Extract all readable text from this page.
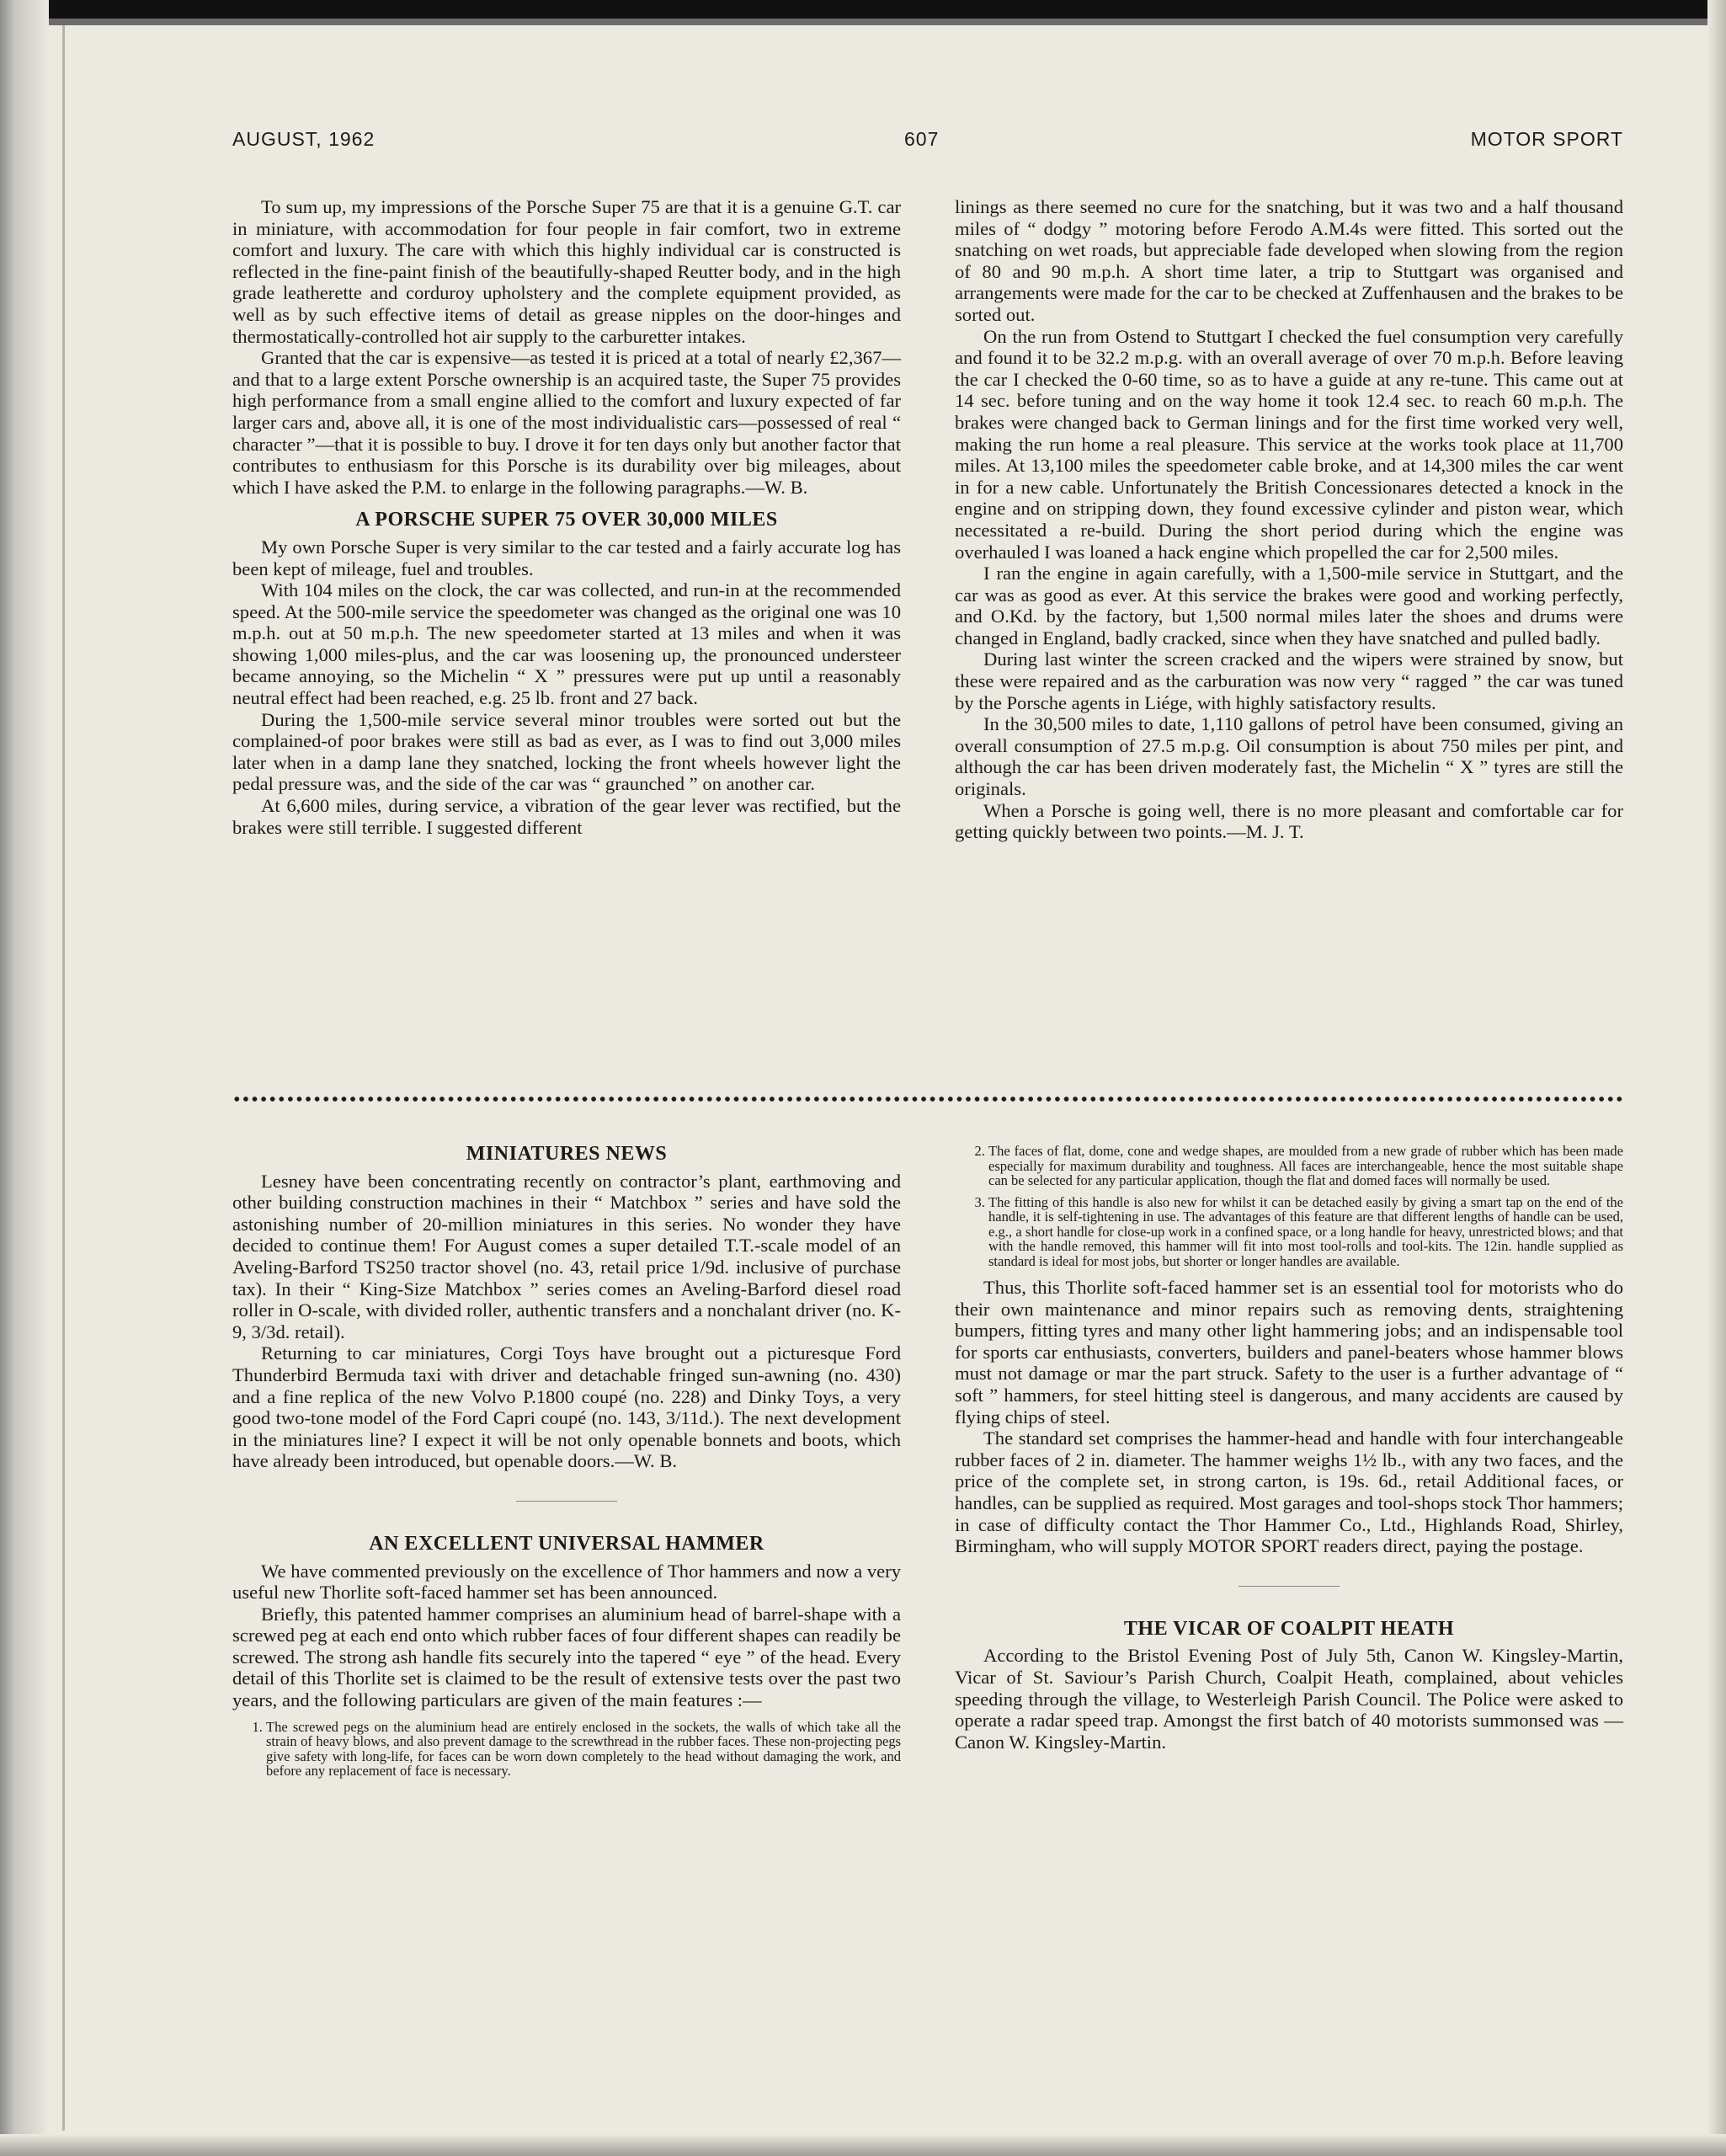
AUGUST, 1962	607	MOTOR SPORT

To sum up, my impressions of the Porsche Super 75 are that it is a genuine G.T. car in miniature, with accommodation for four people in fair comfort, two in extreme comfort and luxury. The care with which this highly individual car is constructed is reflected in the fine-paint finish of the beautifully-shaped Reutter body, and in the high grade leatherette and corduroy upholstery and the complete equipment provided, as well as by such effective items of detail as grease nipples on the door-hinges and thermostatically-controlled hot air supply to the carburetter intakes.

Granted that the car is expensive—as tested it is priced at a total of nearly £2,367—and that to a large extent Porsche ownership is an acquired taste, the Super 75 provides high performance from a small engine allied to the comfort and luxury expected of far larger cars and, above all, it is one of the most individualistic cars—possessed of real “ character ”—that it is possible to buy. I drove it for ten days only but another factor that contributes to enthusiasm for this Porsche is its durability over big mileages, about which I have asked the P.M. to enlarge in the following paragraphs.—W. B.

A PORSCHE SUPER 75 OVER 30,000 MILES

My own Porsche Super is very similar to the car tested and a fairly accurate log has been kept of mileage, fuel and troubles.

With 104 miles on the clock, the car was collected, and run-in at the recommended speed. At the 500-mile service the speedometer was changed as the original one was 10 m.p.h. out at 50 m.p.h. The new speedometer started at 13 miles and when it was showing 1,000 miles-plus, and the car was loosening up, the pronounced understeer became annoying, so the Michelin “ X ” pressures were put up until a reasonably neutral effect had been reached, e.g. 25 lb. front and 27 back.

During the 1,500-mile service several minor troubles were sorted out but the complained-of poor brakes were still as bad as ever, as I was to find out 3,000 miles later when in a damp lane they snatched, locking the front wheels however light the pedal pressure was, and the side of the car was “ graunched ” on another car.

At 6,600 miles, during service, a vibration of the gear lever was rectified, but the brakes were still terrible. I suggested different

linings as there seemed no cure for the snatching, but it was two and a half thousand miles of “ dodgy ” motoring before Ferodo A.M.4s were fitted. This sorted out the snatching on wet roads, but appreciable fade developed when slowing from the region of 80 and 90 m.p.h. A short time later, a trip to Stuttgart was organised and arrangements were made for the car to be checked at Zuffenhausen and the brakes to be sorted out.

On the run from Ostend to Stuttgart I checked the fuel consumption very carefully and found it to be 32.2 m.p.g. with an overall average of over 70 m.p.h. Before leaving the car I checked the 0-60 time, so as to have a guide at any re-tune. This came out at 14 sec. before tuning and on the way home it took 12.4 sec. to reach 60 m.p.h. The brakes were changed back to German linings and for the first time worked very well, making the run home a real pleasure. This service at the works took place at 11,700 miles. At 13,100 miles the speedometer cable broke, and at 14,300 miles the car went in for a new cable. Unfortunately the British Concessionares detected a knock in the engine and on stripping down, they found excessive cylinder and piston wear, which necessitated a re-build. During the short period during which the engine was overhauled I was loaned a hack engine which propelled the car for 2,500 miles.

I ran the engine in again carefully, with a 1,500-mile service in Stuttgart, and the car was as good as ever. At this service the brakes were good and working perfectly, and O.Kd. by the factory, but 1,500 normal miles later the shoes and drums were changed in England, badly cracked, since when they have snatched and pulled badly.

During last winter the screen cracked and the wipers were strained by snow, but these were repaired and as the carburation was now very “ ragged ” the car was tuned by the Porsche agents in Liége, with highly satisfactory results.

In the 30,500 miles to date, 1,110 gallons of petrol have been consumed, giving an overall consumption of 27.5 m.p.g. Oil consumption is about 750 miles per pint, and although the car has been driven moderately fast, the Michelin “ X ” tyres are still the originals.

When a Porsche is going well, there is no more pleasant and comfortable car for getting quickly between two points.—M. J. T.

MINIATURES NEWS

Lesney have been concentrating recently on contractor’s plant, earthmoving and other building construction machines in their “ Matchbox ” series and have sold the astonishing number of 20-million miniatures in this series. No wonder they have decided to continue them! For August comes a super detailed T.T.-scale model of an Aveling-Barford TS250 tractor shovel (no. 43, retail price 1/9d. inclusive of purchase tax). In their “ King-Size Matchbox ” series comes an Aveling-Barford diesel road roller in O-scale, with divided roller, authentic transfers and a nonchalant driver (no. K-9, 3/3d. retail).

Returning to car miniatures, Corgi Toys have brought out a picturesque Ford Thunderbird Bermuda taxi with driver and detachable fringed sun-awning (no. 430) and a fine replica of the new Volvo P.1800 coupé (no. 228) and Dinky Toys, a very good two-tone model of the Ford Capri coupé (no. 143, 3/11d.). The next development in the miniatures line? I expect it will be not only openable bonnets and boots, which have already been introduced, but openable doors.—W. B.

AN EXCELLENT UNIVERSAL HAMMER

We have commented previously on the excellence of Thor hammers and now a very useful new Thorlite soft-faced hammer set has been announced.

Briefly, this patented hammer comprises an aluminium head of barrel-shape with a screwed peg at each end onto which rubber faces of four different shapes can readily be screwed. The strong ash handle fits securely into the tapered “ eye ” of the head. Every detail of this Thorlite set is claimed to be the result of extensive tests over the past two years, and the following particulars are given of the main features :—

1. The screwed pegs on the aluminium head are entirely enclosed in the sockets, the walls of which take all the strain of heavy blows, and also prevent damage to the screwthread in the rubber faces. These non-projecting pegs give safety with long-life, for faces can be worn down completely to the head without damaging the work, and before any replacement of face is necessary.
2. The faces of flat, dome, cone and wedge shapes, are moulded from a new grade of rubber which has been made especially for maximum durability and toughness. All faces are interchangeable, hence the most suitable shape can be selected for any particular application, though the flat and domed faces will normally be used.
3. The fitting of this handle is also new for whilst it can be detached easily by giving a smart tap on the end of the handle, it is self-tightening in use. The advantages of this feature are that different lengths of handle can be used, e.g., a short handle for close-up work in a confined space, or a long handle for heavy, unrestricted blows; and that with the handle removed, this hammer will fit into most tool-rolls and tool-kits. The 12in. handle supplied as standard is ideal for most jobs, but shorter or longer handles are available.

Thus, this Thorlite soft-faced hammer set is an essential tool for motorists who do their own maintenance and minor repairs such as removing dents, straightening bumpers, fitting tyres and many other light hammering jobs; and an indispensable tool for sports car enthusiasts, converters, builders and panel-beaters whose hammer blows must not damage or mar the part struck. Safety to the user is a further advantage of “ soft ” hammers, for steel hitting steel is dangerous, and many accidents are caused by flying chips of steel.

The standard set comprises the hammer-head and handle with four interchangeable rubber faces of 2 in. diameter. The hammer weighs 1½ lb., with any two faces, and the price of the complete set, in strong carton, is 19s. 6d., retail Additional faces, or handles, can be supplied as required. Most garages and tool-shops stock Thor hammers; in case of difficulty contact the Thor Hammer Co., Ltd., Highlands Road, Shirley, Birmingham, who will supply MOTOR SPORT readers direct, paying the postage.

THE VICAR OF COALPIT HEATH

According to the Bristol Evening Post of July 5th, Canon W. Kingsley-Martin, Vicar of St. Saviour’s Parish Church, Coalpit Heath, complained, about vehicles speeding through the village, to Westerleigh Parish Council. The Police were asked to operate a radar speed trap. Amongst the first batch of 40 motorists summonsed was — Canon W. Kingsley-Martin.
